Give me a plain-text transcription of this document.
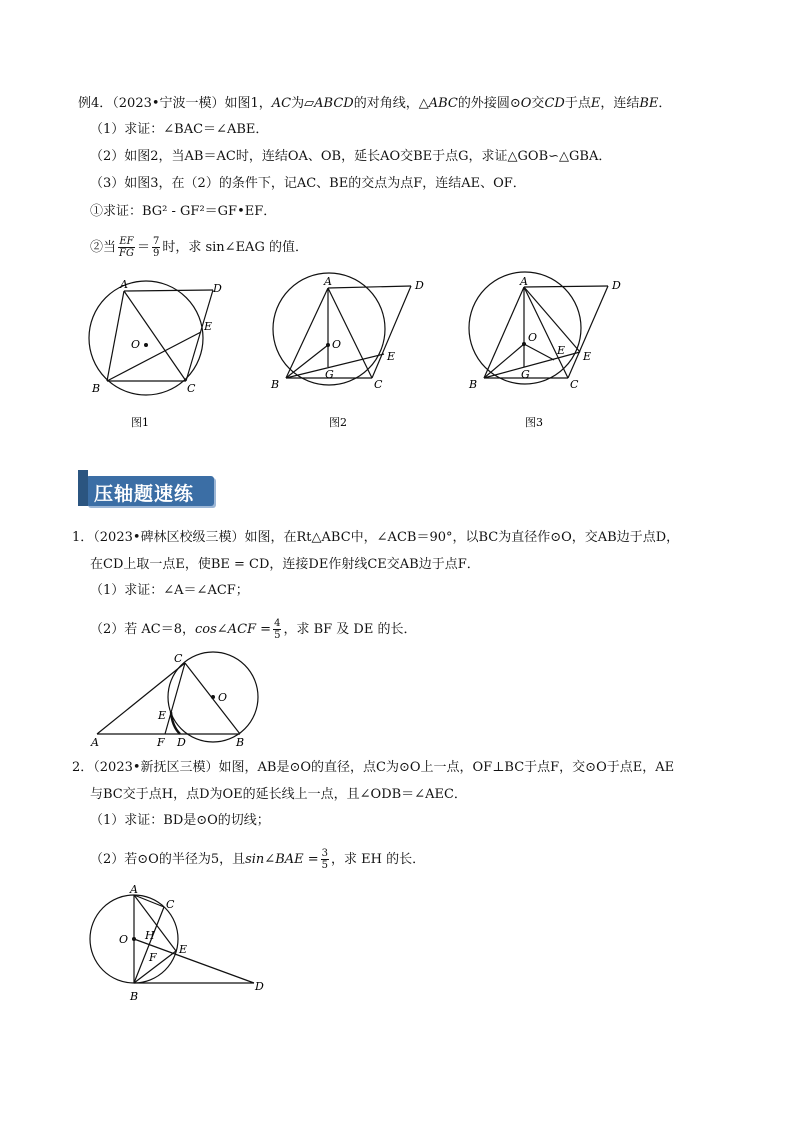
例4．（2023•宁波一模）如图1，AC为▱ABCD的对角线，△ABC的外接圆⊙O交CD于点E，连结BE．
（1）求证：∠BAC＝∠ABE．
（2）如图2，当AB＝AC时，连结OA、OB，延长AO交BE于点G，求证△GOB∽△GBA．
（3）如图3，在（2）的条件下，记AC、BE的交点为点F，连结AE、OF．
①求证：BG² - GF²＝GF•EF．
②当 $\frac{EF}{FG} = \frac{7}{9}$ 时，求 sin∠EAG 的值．
A	D
E
O
B	C
图1
A	D
O
E
G
B	C
图2
A	D
O
E E
G
B	C
图3
压轴题速练
1．（2023•碑林区校级三模）如图，在Rt△ABC中，∠ACB＝90°，以BC为直径作⊙O，交AB边于点D，
在CD上取一点E，使BE = CD，连接DE作射线CE交AB边于点F．
（1）求证：∠A＝∠ACF；
（2）若 AC＝8，cos∠ACF = $\frac{4}{5}$ ，求 BF 及 DE 的长．
C
O
E
A	F D	B
2．（2023•新抚区三模）如图，AB是⊙O的直径，点C为⊙O上一点，OF⊥BC于点F，交⊙O于点E，AE
与BC交于点H，点D为OE的延长线上一点，且∠ODB＝∠AEC．
（1）求证：BD是⊙O的切线；
（2）若⊙O的半径为5，且sin∠BAE = $\frac{3}{5}$ ，求 EH 的长．
A
C
O H
E
F
B
D
